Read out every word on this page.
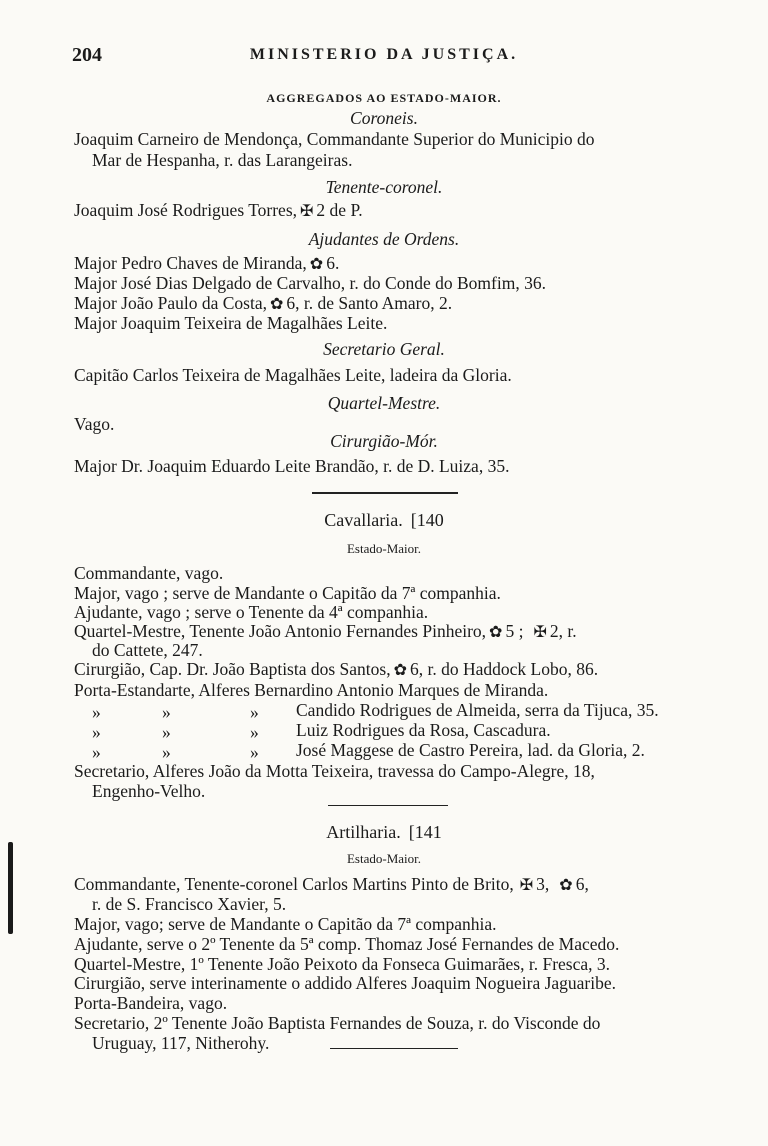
204	MINISTERIO DA JUSTIÇA.
AGGREGADOS AO ESTADO-MAIOR.
Coroneis.
Joaquim Carneiro de Mendonça, Commandante Superior do Municipio do
Mar de Hespanha, r. das Larangeiras.
Tenente-coronel.
Joaquim José Rodrigues Torres, ✠ 2 de P.
Ajudantes de Ordens.
Major Pedro Chaves de Miranda, ✿ 6.
Major José Dias Delgado de Carvalho, r. do Conde do Bomfim, 36.
Major João Paulo da Costa, ✿ 6, r. de Santo Amaro, 2.
Major Joaquim Teixeira de Magalhães Leite.
Secretario Geral.
Capitão Carlos Teixeira de Magalhães Leite, ladeira da Gloria.
Quartel-Mestre.
Vago.
Cirurgião-Mór.
Major Dr. Joaquim Eduardo Leite Brandão, r. de D. Luiza, 35.
Cavallaria. [140
Estado-Maior.
Commandante, vago.
Major, vago ; serve de Mandante o Capitão da 7ª companhia.
Ajudante, vago ; serve o Tenente da 4ª companhia.
Quartel-Mestre, Tenente João Antonio Fernandes Pinheiro, ✿ 5 ; ✠ 2, r.
do Cattete, 247.
Cirurgião, Cap. Dr. João Baptista dos Santos, ✿ 6, r. do Haddock Lobo, 86.
Porta-Estandarte, Alferes Bernardino Antonio Marques de Miranda.
»	»	» Candido Rodrigues de Almeida, serra da Tijuca, 35.
»	»	» Luiz Rodrigues da Rosa, Cascadura.
»	»	» José Maggese de Castro Pereira, lad. da Gloria, 2.
Secretario, Alferes João da Motta Teixeira, travessa do Campo-Alegre, 18,
Engenho-Velho.
Artilharia. [141
Estado-Maior.
Commandante, Tenente-coronel Carlos Martins Pinto de Brito, ✠ 3, ✿ 6,
r. de S. Francisco Xavier, 5.
Major, vago; serve de Mandante o Capitão da 7ª companhia.
Ajudante, serve o 2º Tenente da 5ª comp. Thomaz José Fernandes de Macedo.
Quartel-Mestre, 1º Tenente João Peixoto da Fonseca Guimarães, r. Fresca, 3.
Cirurgião, serve interinamente o addido Alferes Joaquim Nogueira Jaguaribe.
Porta-Bandeira, vago.
Secretario, 2º Tenente João Baptista Fernandes de Souza, r. do Visconde do
Uruguay, 117, Nitherohy.
